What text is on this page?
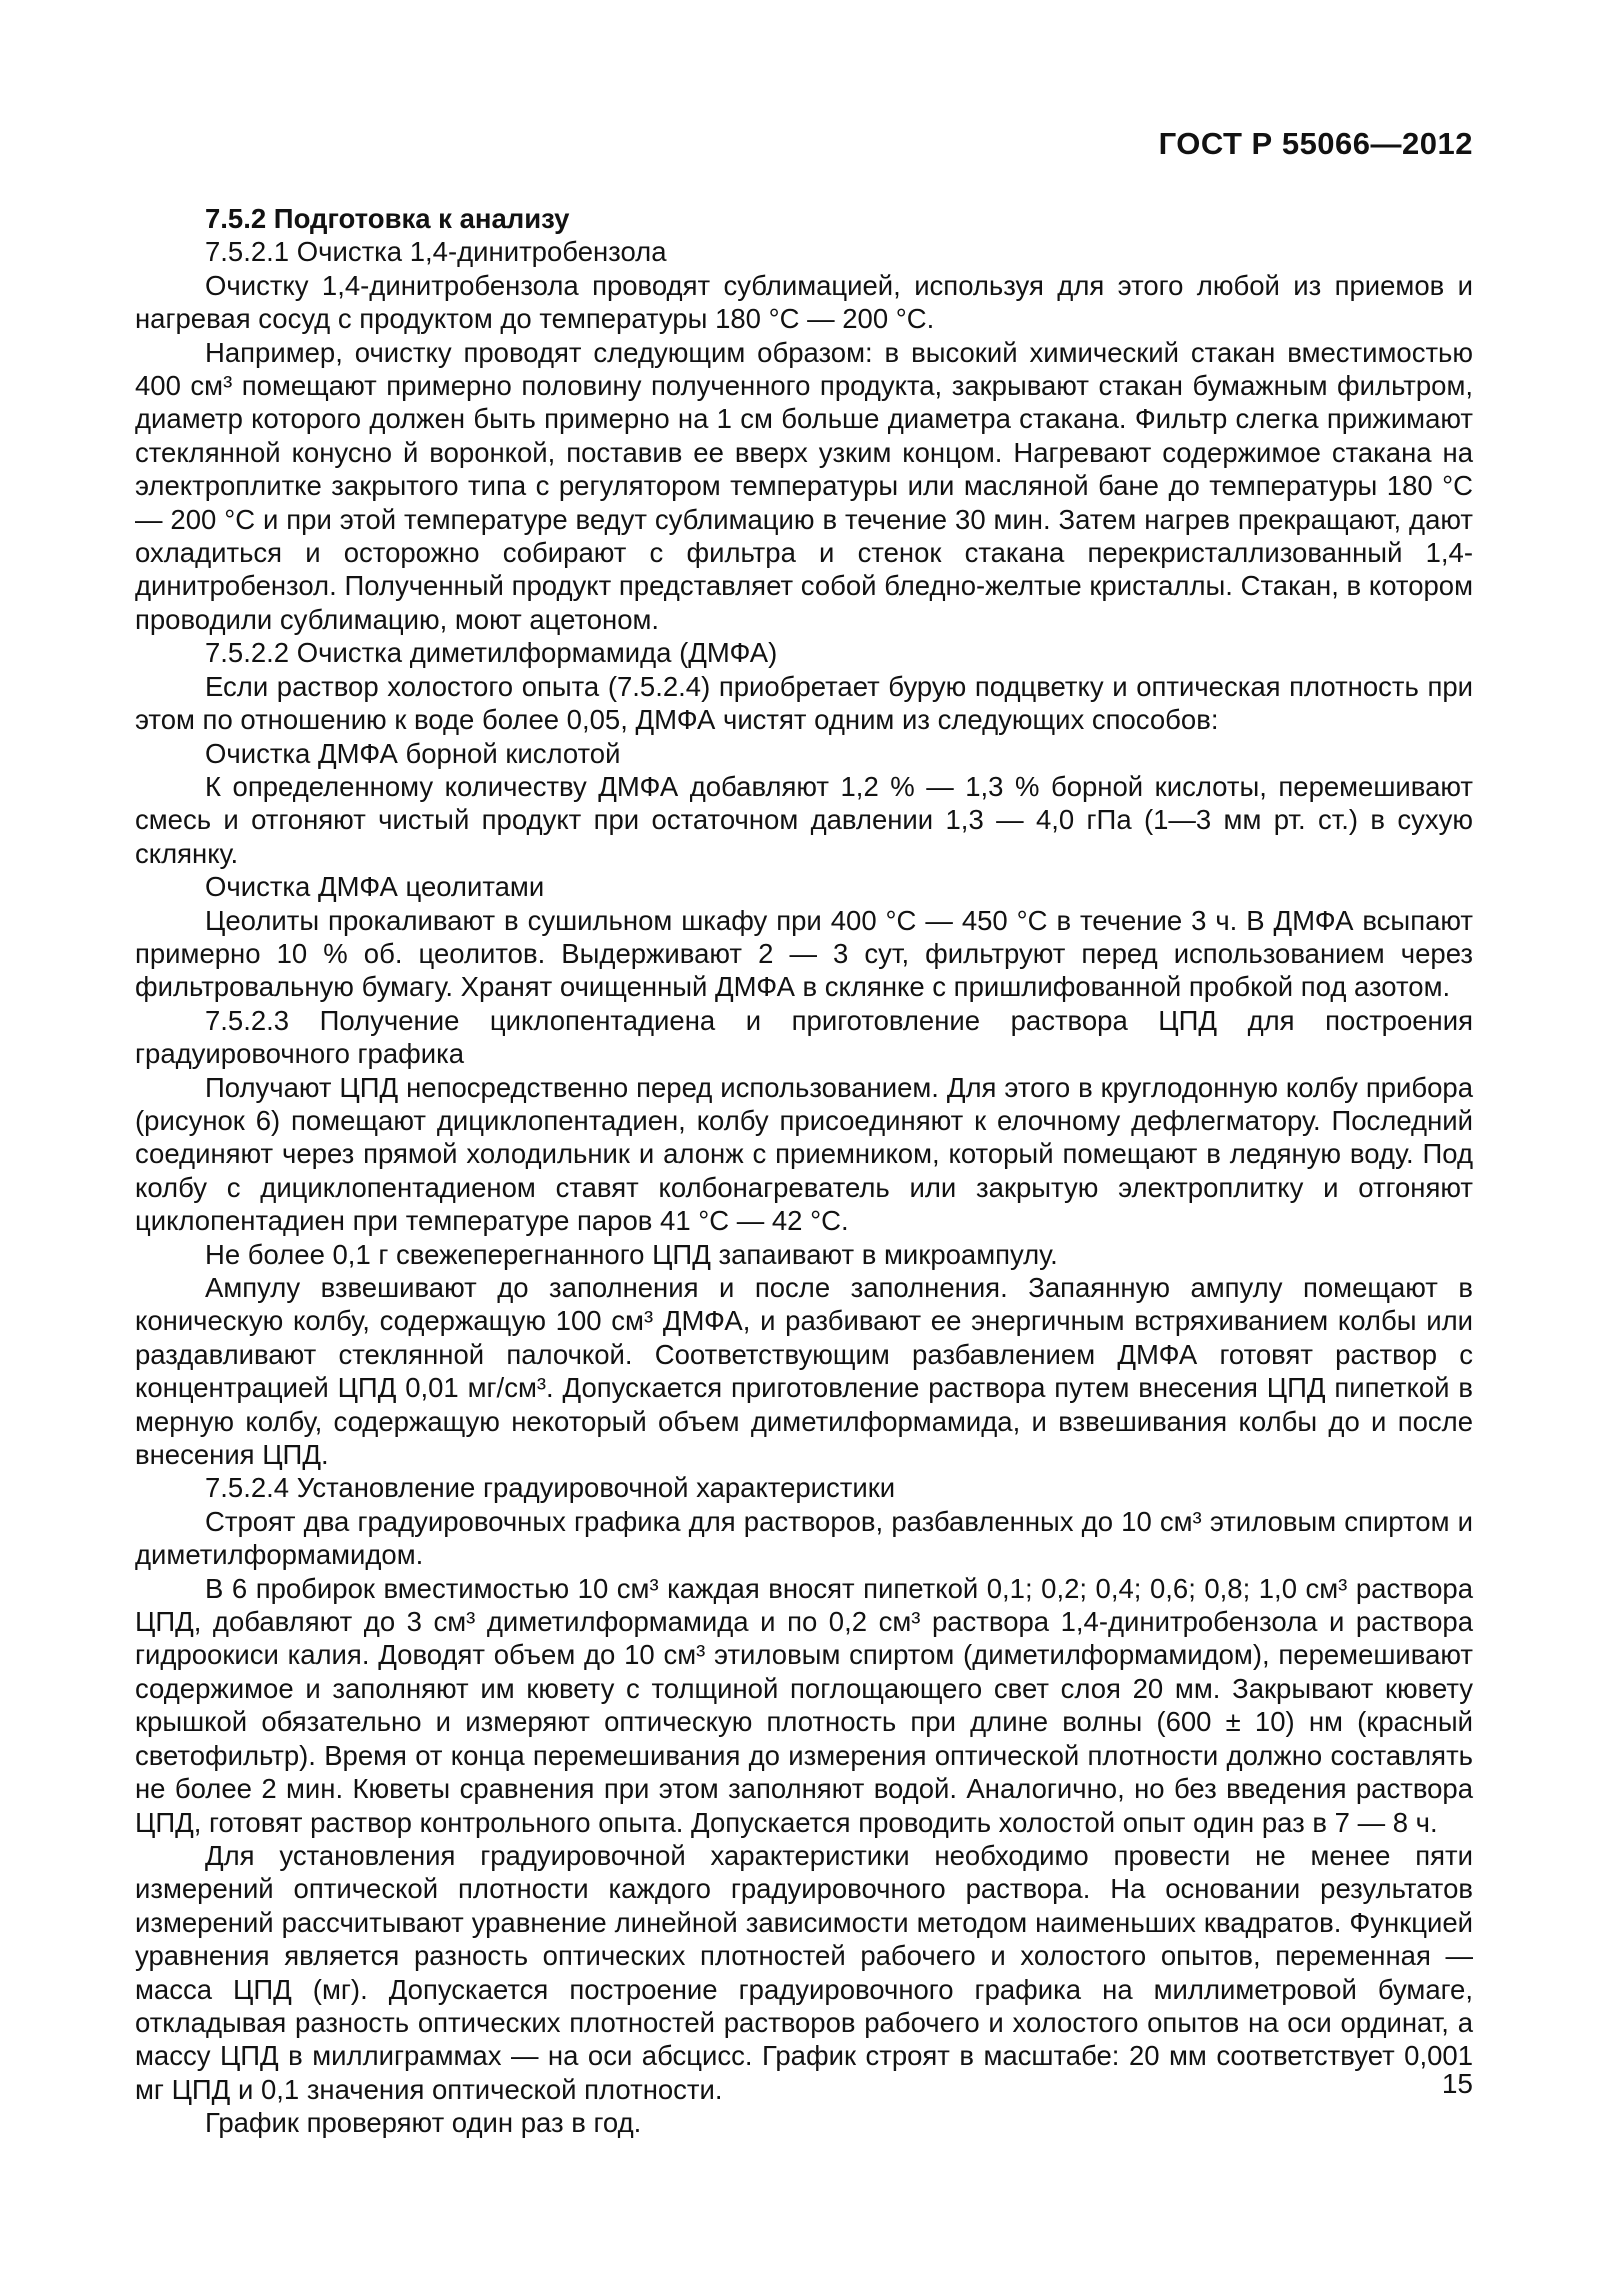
ГОСТ Р 55066—2012

7.5.2 Подготовка к анализу

7.5.2.1 Очистка 1,4-динитробензола

Очистку 1,4-динитробензола проводят сублимацией, используя для этого любой из приемов и нагревая сосуд с продуктом до температуры 180 °С — 200 °С.

Например, очистку проводят следующим образом: в высокий химический стакан вместимостью 400 см³ помещают примерно половину полученного продукта, закрывают стакан бумажным фильтром, диаметр которого должен быть примерно на 1 см больше диаметра стакана. Фильтр слегка прижимают стеклянной конусно й воронкой, поставив ее вверх узким концом. Нагревают содержимое стакана на электроплитке закрытого типа с регулятором температуры или масляной бане до температуры 180 °С — 200 °С и при этой температуре ведут сублимацию в течение 30 мин. Затем нагрев прекращают, дают охладиться и осторожно собирают с фильтра и стенок стакана перекристаллизованный 1,4-динитробензол. Полученный продукт представляет собой бледно-желтые кристаллы. Стакан, в котором проводили сублимацию, моют ацетоном.

7.5.2.2 Очистка диметилформамида (ДМФА)

Если раствор холостого опыта (7.5.2.4) приобретает бурую подцветку и оптическая плотность при этом по отношению к воде более 0,05, ДМФА чистят одним из следующих способов:

Очистка ДМФА борной кислотой

К определенному количеству ДМФА добавляют 1,2 % — 1,3 % борной кислоты, перемешивают смесь и отгоняют чистый продукт при остаточном давлении 1,3 — 4,0 гПа (1—3 мм рт. ст.) в сухую склянку.

Очистка ДМФА цеолитами

Цеолиты прокаливают в сушильном шкафу при 400 °С — 450 °С в течение 3 ч. В ДМФА всыпают примерно 10 % об. цеолитов. Выдерживают 2 — 3 сут, фильтруют перед использованием через фильтровальную бумагу. Хранят очищенный ДМФА в склянке с пришлифованной пробкой под азотом.

7.5.2.3 Получение циклопентадиена и приготовление раствора ЦПД для построения градуировочного графика

Получают ЦПД непосредственно перед использованием. Для этого в круглодонную колбу прибора (рисунок 6) помещают дициклопентадиен, колбу присоединяют к елочному дефлегматору. Последний соединяют через прямой холодильник и алонж с приемником, который помещают в ледяную воду. Под колбу с дициклопентадиеном ставят колбонагреватель или закрытую электроплитку и отгоняют циклопентадиен при температуре паров 41 °С — 42 °С.

Не более 0,1 г свежеперегнанного ЦПД запаивают в микроампулу.

Ампулу взвешивают до заполнения и после заполнения. Запаянную ампулу помещают в коническую колбу, содержащую 100 см³ ДМФА, и разбивают ее энергичным встряхиванием колбы или раздавливают стеклянной палочкой. Соответствующим разбавлением ДМФА готовят раствор с концентрацией ЦПД 0,01 мг/см³. Допускается приготовление раствора путем внесения ЦПД пипеткой в мерную колбу, содержащую некоторый объем диметилформамида, и взвешивания колбы до и после внесения ЦПД.

7.5.2.4 Установление градуировочной характеристики

Строят два градуировочных графика для растворов, разбавленных до 10 см³ этиловым спиртом и диметилформамидом.

В 6 пробирок вместимостью 10 см³ каждая вносят пипеткой 0,1; 0,2; 0,4; 0,6; 0,8; 1,0 см³ раствора ЦПД, добавляют до 3 см³ диметилформамида и по 0,2 см³ раствора 1,4-динитробензола и раствора гидроокиси калия. Доводят объем до 10 см³ этиловым спиртом (диметилформамидом), перемешивают содержимое и заполняют им кювету с толщиной поглощающего свет слоя 20 мм. Закрывают кювету крышкой обязательно и измеряют оптическую плотность при длине волны (600 ± 10) нм (красный светофильтр). Время от конца перемешивания до измерения оптической плотности должно составлять не более 2 мин. Кюветы сравнения при этом заполняют водой. Аналогично, но без введения раствора ЦПД, готовят раствор контрольного опыта. Допускается проводить холостой опыт один раз в 7 — 8 ч.

Для установления градуировочной характеристики необходимо провести не менее пяти измерений оптической плотности каждого градуировочного раствора. На основании результатов измерений рассчитывают уравнение линейной зависимости методом наименьших квадратов. Функцией уравнения является разность оптических плотностей рабочего и холостого опытов, переменная — масса ЦПД (мг). Допускается построение градуировочного графика на миллиметровой бумаге, откладывая разность оптических плотностей растворов рабочего и холостого опытов на оси ординат, а массу ЦПД в миллиграммах — на оси абсцисс. График строят в масштабе: 20 мм соответствует 0,001 мг ЦПД и 0,1 значения оптической плотности.

График проверяют один раз в год.

15
